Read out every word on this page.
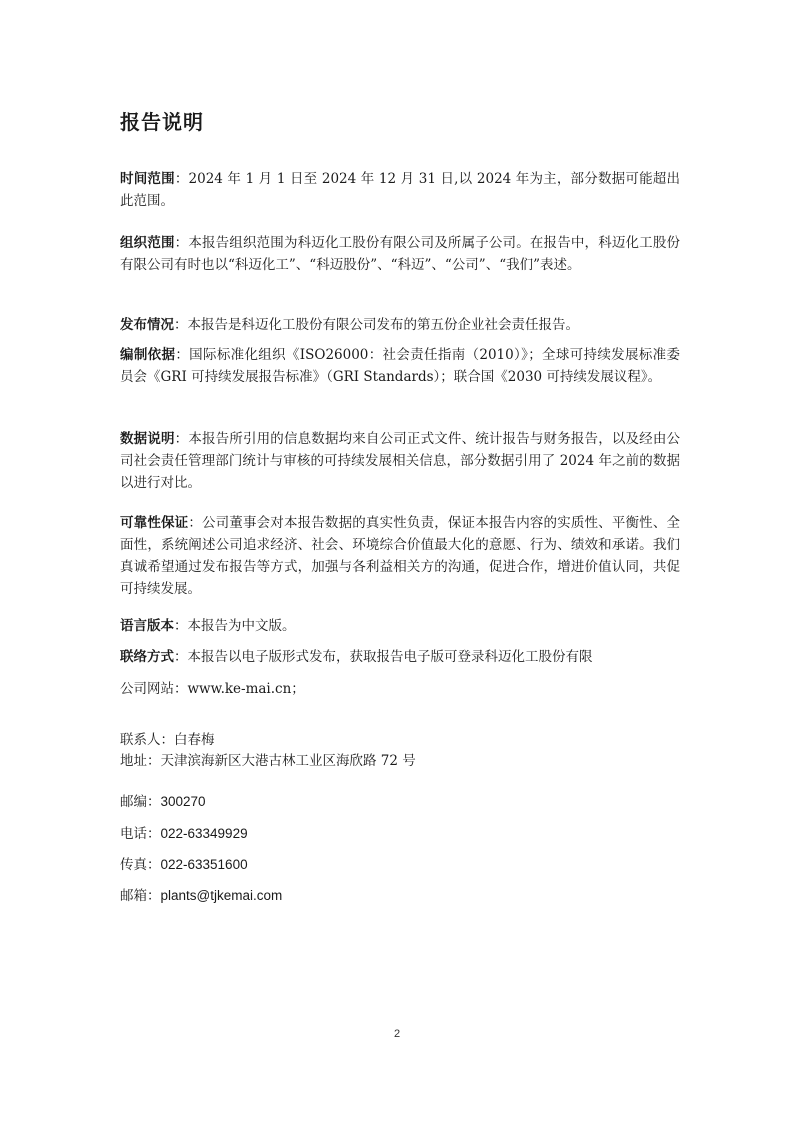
报告说明

时间范围：2024 年 1 月 1 日至 2024 年 12 月 31 日,以 2024 年为主，部分数据可能超出此范围。

组织范围：本报告组织范围为科迈化工股份有限公司及所属子公司。在报告中，科迈化工股份有限公司有时也以“科迈化工”、“科迈股份”、“科迈”、“公司”、“我们”表述。

发布情况：本报告是科迈化工股份有限公司发布的第五份企业社会责任报告。

编制依据：国际标准化组织《ISO26000：社会责任指南（2010）》；全球可持续发展标准委员会《GRI 可持续发展报告标准》（GRI Standards）；联合国《2030 可持续发展议程》。

数据说明：本报告所引用的信息数据均来自公司正式文件、统计报告与财务报告，以及经由公司社会责任管理部门统计与审核的可持续发展相关信息，部分数据引用了 2024 年之前的数据以进行对比。

可靠性保证：公司董事会对本报告数据的真实性负责，保证本报告内容的实质性、平衡性、全面性，系统阐述公司追求经济、社会、环境综合价值最大化的意愿、行为、绩效和承诺。我们真诚希望通过发布报告等方式，加强与各利益相关方的沟通，促进合作，增进价值认同，共促可持续发展。

语言版本：本报告为中文版。

联络方式：本报告以电子版形式发布，获取报告电子版可登录科迈化工股份有限

公司网站：www.ke-mai.cn；

联系人：白春梅

地址：天津滨海新区大港古林工业区海欣路 72 号

邮编：300270

电话：022-63349929

传真：022-63351600

邮箱：plants@tjkemai.com

2
